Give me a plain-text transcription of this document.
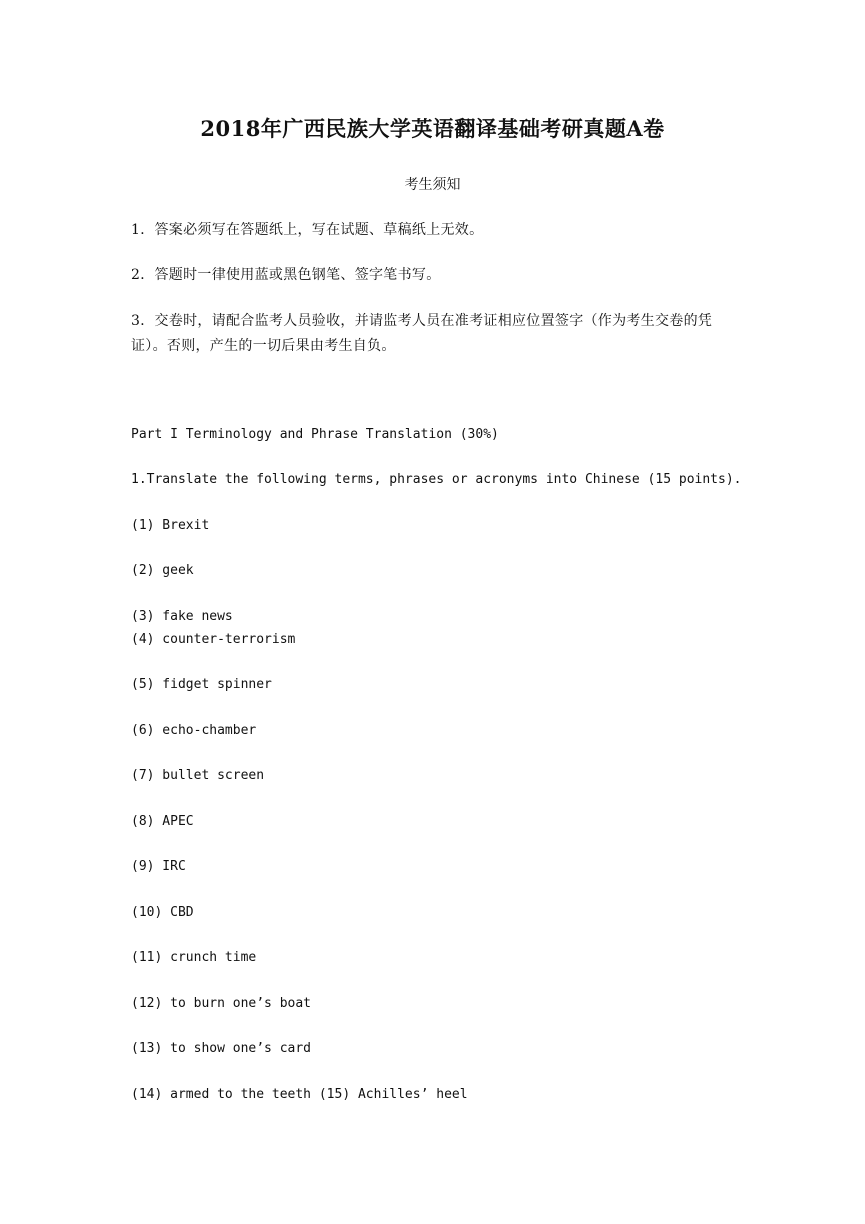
2018年广西民族大学英语翻译基础考研真题A卷
考生须知
1．答案必须写在答题纸上，写在试题、草稿纸上无效。
2．答题时一律使用蓝或黑色钢笔、签字笔书写。
3．交卷时，请配合监考人员验收，并请监考人员在准考证相应位置签字（作为考生交卷的凭证）。否则，产生的一切后果由考生自负。
Part I Terminology and Phrase Translation (30%)
1.Translate the following terms, phrases or acronyms into Chinese (15 points).
(1) Brexit
(2) geek
(3) fake news
(4) counter-terrorism
(5) fidget spinner
(6) echo-chamber
(7) bullet screen
(8) APEC
(9) IRC
(10) CBD
(11) crunch time
(12) to burn one’s boat
(13) to show one’s card
(14) armed to the teeth (15) Achilles’ heel
